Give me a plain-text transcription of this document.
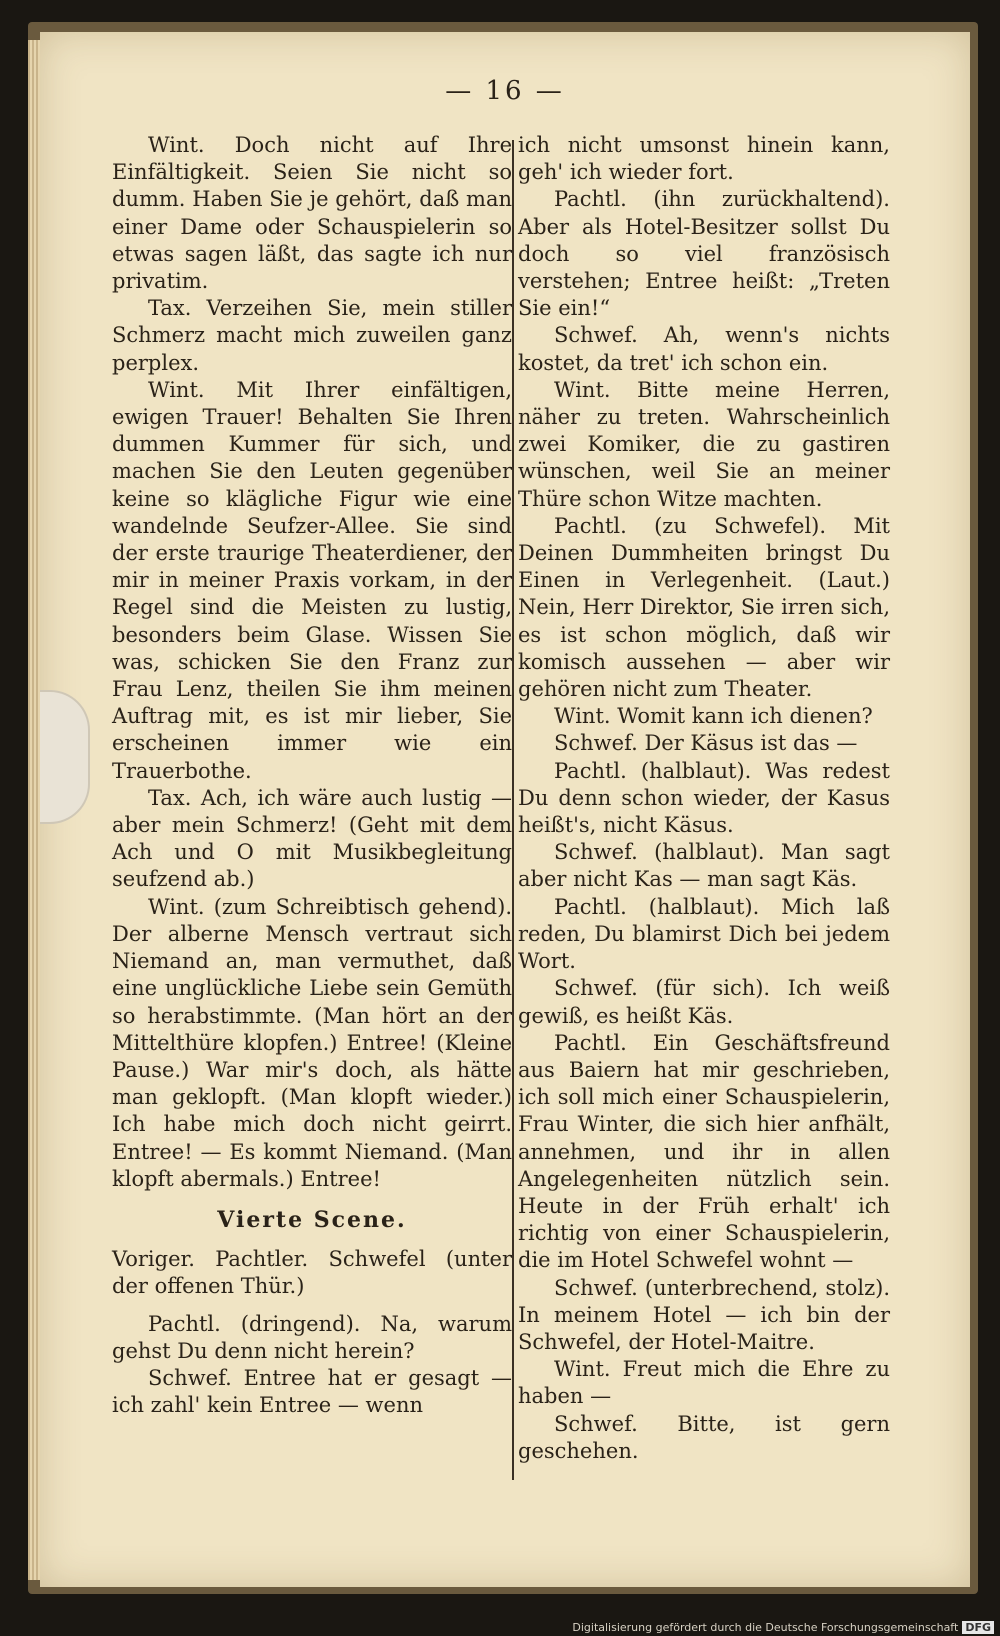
— 16 —

Wint. Doch nicht auf Ihre Einfältigkeit. Seien Sie nicht so dumm. Haben Sie je gehört, daß man einer Dame oder Schauspielerin so etwas sagen läßt, das sagte ich nur privatim.

Tax. Verzeihen Sie, mein stiller Schmerz macht mich zuweilen ganz perplex.

Wint. Mit Ihrer einfältigen, ewigen Trauer! Behalten Sie Ihren dummen Kummer für sich, und machen Sie den Leuten gegenüber keine so klägliche Figur wie eine wandelnde Seufzer-Allee. Sie sind der erste traurige Theaterdiener, der mir in meiner Praxis vorkam, in der Regel sind die Meisten zu lustig, besonders beim Glase. Wissen Sie was, schicken Sie den Franz zur Frau Lenz, theilen Sie ihm meinen Auftrag mit, es ist mir lieber, Sie erscheinen immer wie ein Trauerbothe.

Tax. Ach, ich wäre auch lustig — aber mein Schmerz! (Geht mit dem Ach und O mit Musikbegleitung seufzend ab.)

Wint. (zum Schreibtisch gehend). Der alberne Mensch vertraut sich Niemand an, man vermuthet, daß eine unglückliche Liebe sein Gemüth so herabstimmte. (Man hört an der Mittelthüre klopfen.) Entree! (Kleine Pause.) War mir's doch, als hätte man geklopft. (Man klopft wieder.) Ich habe mich doch nicht geirrt. Entree! — Es kommt Niemand. (Man klopft abermals.) Entree!

Vierte Scene.

Voriger. Pachtler. Schwefel (unter der offenen Thür.)

Pachtl. (dringend). Na, warum gehst Du denn nicht herein?

Schwef. Entree hat er gesagt — ich zahl' kein Entree — wenn

ich nicht umsonst hinein kann, geh' ich wieder fort.

Pachtl. (ihn zurückhaltend). Aber als Hotel-Besitzer sollst Du doch so viel französisch verstehen; Entree heißt: „Treten Sie ein!“

Schwef. Ah, wenn's nichts kostet, da tret' ich schon ein.

Wint. Bitte meine Herren, näher zu treten. Wahrscheinlich zwei Komiker, die zu gastiren wünschen, weil Sie an meiner Thüre schon Witze machten.

Pachtl. (zu Schwefel). Mit Deinen Dummheiten bringst Du Einen in Verlegenheit. (Laut.) Nein, Herr Direktor, Sie irren sich, es ist schon möglich, daß wir komisch aussehen — aber wir gehören nicht zum Theater.

Wint. Womit kann ich dienen?

Schwef. Der Käsus ist das —

Pachtl. (halblaut). Was redest Du denn schon wieder, der Kasus heißt's, nicht Käsus.

Schwef. (halblaut). Man sagt aber nicht Kas — man sagt Käs.

Pachtl. (halblaut). Mich laß reden, Du blamirst Dich bei jedem Wort.

Schwef. (für sich). Ich weiß gewiß, es heißt Käs.

Pachtl. Ein Geschäftsfreund aus Baiern hat mir geschrieben, ich soll mich einer Schauspielerin, Frau Winter, die sich hier anfhält, annehmen, und ihr in allen Angelegenheiten nützlich sein. Heute in der Früh erhalt' ich richtig von einer Schauspielerin, die im Hotel Schwefel wohnt —

Schwef. (unterbrechend, stolz). In meinem Hotel — ich bin der Schwefel, der Hotel-Maitre.

Wint. Freut mich die Ehre zu haben —

Schwef. Bitte, ist gern geschehen.

Digitalisierung gefördert durch die Deutsche Forschungsgemeinschaft DFG
